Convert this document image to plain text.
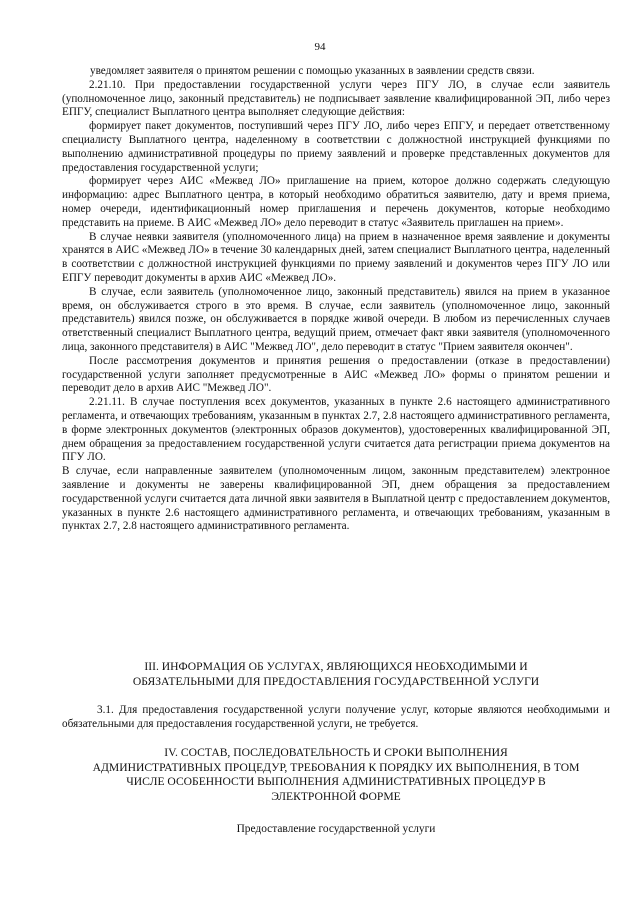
94

уведомляет заявителя о принятом решении с помощью указанных в заявлении средств связи.

2.21.10. При предоставлении государственной услуги через ПГУ ЛО, в случае если заявитель (уполномоченное лицо, законный представитель) не подписывает заявление квалифицированной ЭП, либо через ЕПГУ, специалист Выплатного центра выполняет следующие действия:

формирует пакет документов, поступивший через ПГУ ЛО, либо через ЕПГУ, и передает ответственному специалисту Выплатного центра, наделенному в соответствии с должностной инструкцией функциями по выполнению административной процедуры по приему заявлений и проверке представленных документов для предоставления государственной услуги;

формирует через АИС «Межвед ЛО» приглашение на прием, которое должно содержать следующую информацию: адрес Выплатного центра, в который необходимо обратиться заявителю, дату и время приема, номер очереди, идентификационный номер приглашения и перечень документов, которые необходимо представить на приеме. В АИС «Межвед ЛО» дело переводит в статус «Заявитель приглашен на прием».

В случае неявки заявителя (уполномоченного лица) на прием в назначенное время заявление и документы хранятся в АИС «Межвед ЛО» в течение 30 календарных дней, затем специалист Выплатного центра, наделенный в соответствии с должностной инструкцией функциями по приему заявлений и документов через ПГУ ЛО или ЕПГУ переводит документы в архив АИС «Межвед ЛО».

В случае, если заявитель (уполномоченное лицо, законный представитель) явился на прием в указанное время, он обслуживается строго в это время. В случае, если заявитель (уполномоченное лицо, законный представитель) явился позже, он обслуживается в порядке живой очереди. В любом из перечисленных случаев ответственный специалист Выплатного центра, ведущий прием, отмечает факт явки заявителя (уполномоченного лица, законного представителя) в АИС "Межвед ЛО", дело переводит в статус "Прием заявителя окончен".

После рассмотрения документов и принятия решения о предоставлении (отказе в предоставлении) государственной услуги заполняет предусмотренные в АИС «Межвед ЛО» формы о принятом решении и переводит дело в архив АИС "Межвед ЛО".

2.21.11. В случае поступления всех документов, указанных в пункте 2.6 настоящего административного регламента, и отвечающих требованиям, указанным в пунктах 2.7, 2.8 настоящего административного регламента, в форме электронных документов (электронных образов документов), удостоверенных квалифицированной ЭП, днем обращения за предоставлением государственной услуги считается дата регистрации приема документов на ПГУ ЛО.

В случае, если направленные заявителем (уполномоченным лицом, законным представителем) электронное заявление и документы не заверены квалифицированной ЭП, днем обращения за предоставлением государственной услуги считается дата личной явки заявителя в Выплатной центр с предоставлением документов, указанных в пункте 2.6 настоящего административного регламента, и отвечающих требованиям, указанным в пунктах 2.7, 2.8 настоящего административного регламента.

III. ИНФОРМАЦИЯ ОБ УСЛУГАХ, ЯВЛЯЮЩИХСЯ НЕОБХОДИМЫМИ И
ОБЯЗАТЕЛЬНЫМИ ДЛЯ ПРЕДОСТАВЛЕНИЯ ГОСУДАРСТВЕННОЙ УСЛУГИ

3.1. Для предоставления государственной услуги получение услуг, которые являются необходимыми и обязательными для предоставления государственной услуги, не требуется.

IV. СОСТАВ, ПОСЛЕДОВАТЕЛЬНОСТЬ И СРОКИ ВЫПОЛНЕНИЯ
АДМИНИСТРАТИВНЫХ ПРОЦЕДУР, ТРЕБОВАНИЯ К ПОРЯДКУ ИХ ВЫПОЛНЕНИЯ, В ТОМ
ЧИСЛЕ ОСОБЕННОСТИ ВЫПОЛНЕНИЯ АДМИНИСТРАТИВНЫХ ПРОЦЕДУР В
ЭЛЕКТРОННОЙ ФОРМЕ

Предоставление государственной услуги
